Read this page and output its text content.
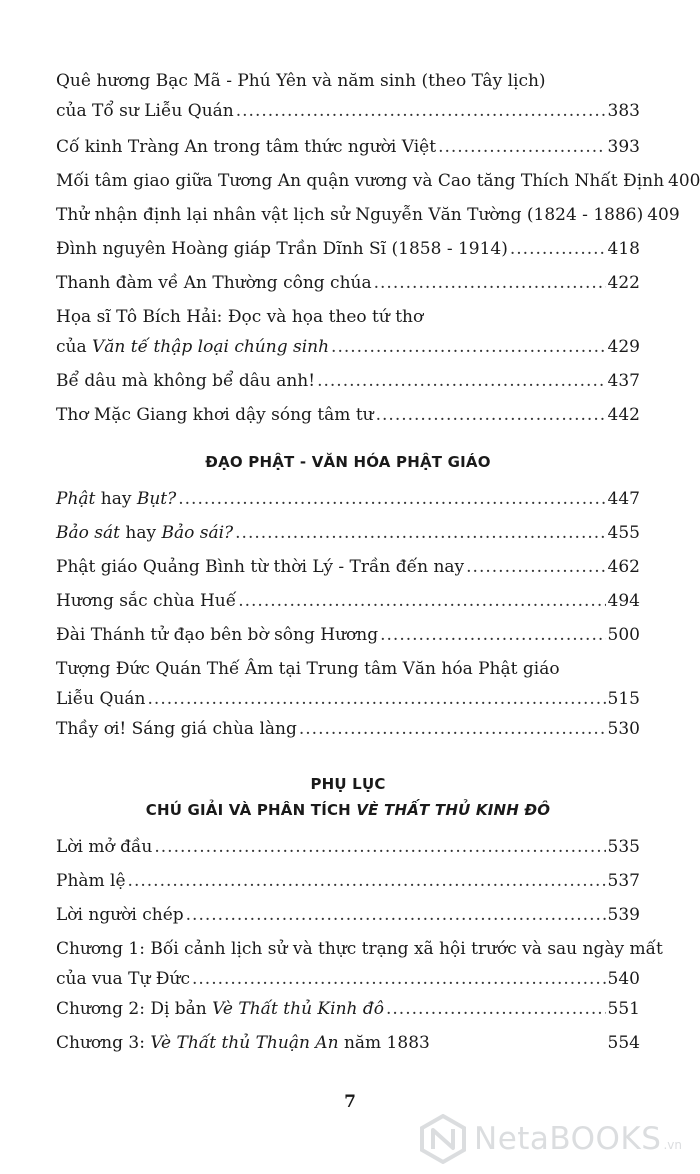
Quê hương Bạc Mã - Phú Yên và năm sinh (theo Tây lịch)
của Tổ sư Liễu Quán .....	383
Cố kinh Tràng An trong tâm thức người Việt .....	393
Mối tâm giao giữa Tương An quận vương và Cao tăng Thích Nhất Định 400
Thử nhận định lại nhân vật lịch sử Nguyễn Văn Tường (1824 - 1886) 409
Đình nguyên Hoàng giáp Trần Dĩnh Sĩ (1858 - 1914) .....	418
Thanh đàm về An Thường công chúa .....	422
Họa sĩ Tô Bích Hải: Đọc và họa theo tứ thơ
của Văn tế thập loại chúng sinh .....	429
Bể dâu mà không bể dâu anh! .....	437
Thơ Mặc Giang khơi dậy sóng tâm tư .....	442
ĐẠO PHẬT - VĂN HÓA PHẬT GIÁO
Phật hay Bụt? .....	447
Bảo sát hay Bảo sái? .....	455
Phật giáo Quảng Bình từ thời Lý - Trần đến nay .....	462
Hương sắc chùa Huế .....	494
Đài Thánh tử đạo bên bờ sông Hương .....	500
Tượng Đức Quán Thế Âm tại Trung tâm Văn hóa Phật giáo
Liễu Quán .....	515
Thầy ơi! Sáng giá chùa làng .....	530
PHỤ LỤC
CHÚ GIẢI VÀ PHÂN TÍCH VÈ THẤT THỦ KINH ĐÔ
Lời mở đầu .....	535
Phàm lệ .....	537
Lời người chép .....	539
Chương 1: Bối cảnh lịch sử và thực trạng xã hội trước và sau ngày mất
của vua Tự Đức .....	540
Chương 2: Dị bản Vè Thất thủ Kinh đô .....	551
Chương 3: Vè Thất thủ Thuận An năm 1883	554
7
NetaBOOKS .vn
